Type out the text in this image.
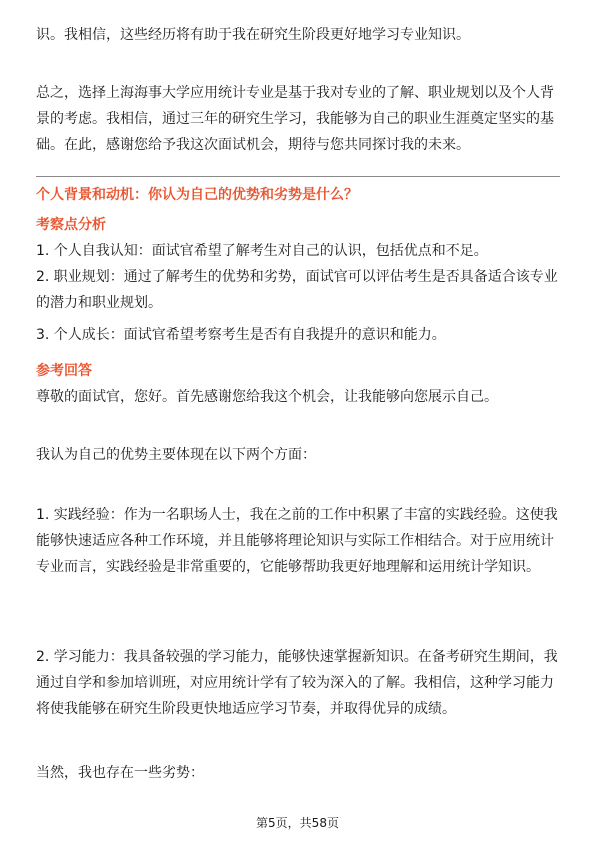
识。我相信，这些经历将有助于我在研究生阶段更好地学习专业知识。

总之，选择上海海事大学应用统计专业是基于我对专业的了解、职业规划以及个人背景的考虑。我相信，通过三年的研究生学习，我能够为自己的职业生涯奠定坚实的基础。在此，感谢您给予我这次面试机会，期待与您共同探讨我的未来。

个人背景和动机：你认为自己的优势和劣势是什么？
考察点分析

1. 个人自我认知：面试官希望了解考生对自己的认识，包括优点和不足。

2. 职业规划：通过了解考生的优势和劣势，面试官可以评估考生是否具备适合该专业的潜力和职业规划。

3. 个人成长：面试官希望考察考生是否有自我提升的意识和能力。

参考回答

尊敬的面试官，您好。首先感谢您给我这个机会，让我能够向您展示自己。

我认为自己的优势主要体现在以下两个方面：

1. 实践经验：作为一名职场人士，我在之前的工作中积累了丰富的实践经验。这使我能够快速适应各种工作环境，并且能够将理论知识与实际工作相结合。对于应用统计专业而言，实践经验是非常重要的，它能够帮助我更好地理解和运用统计学知识。

2. 学习能力：我具备较强的学习能力，能够快速掌握新知识。在备考研究生期间，我通过自学和参加培训班，对应用统计学有了较为深入的了解。我相信，这种学习能力将使我能够在研究生阶段更快地适应学习节奏，并取得优异的成绩。

当然，我也存在一些劣势：

第5页，共58页
